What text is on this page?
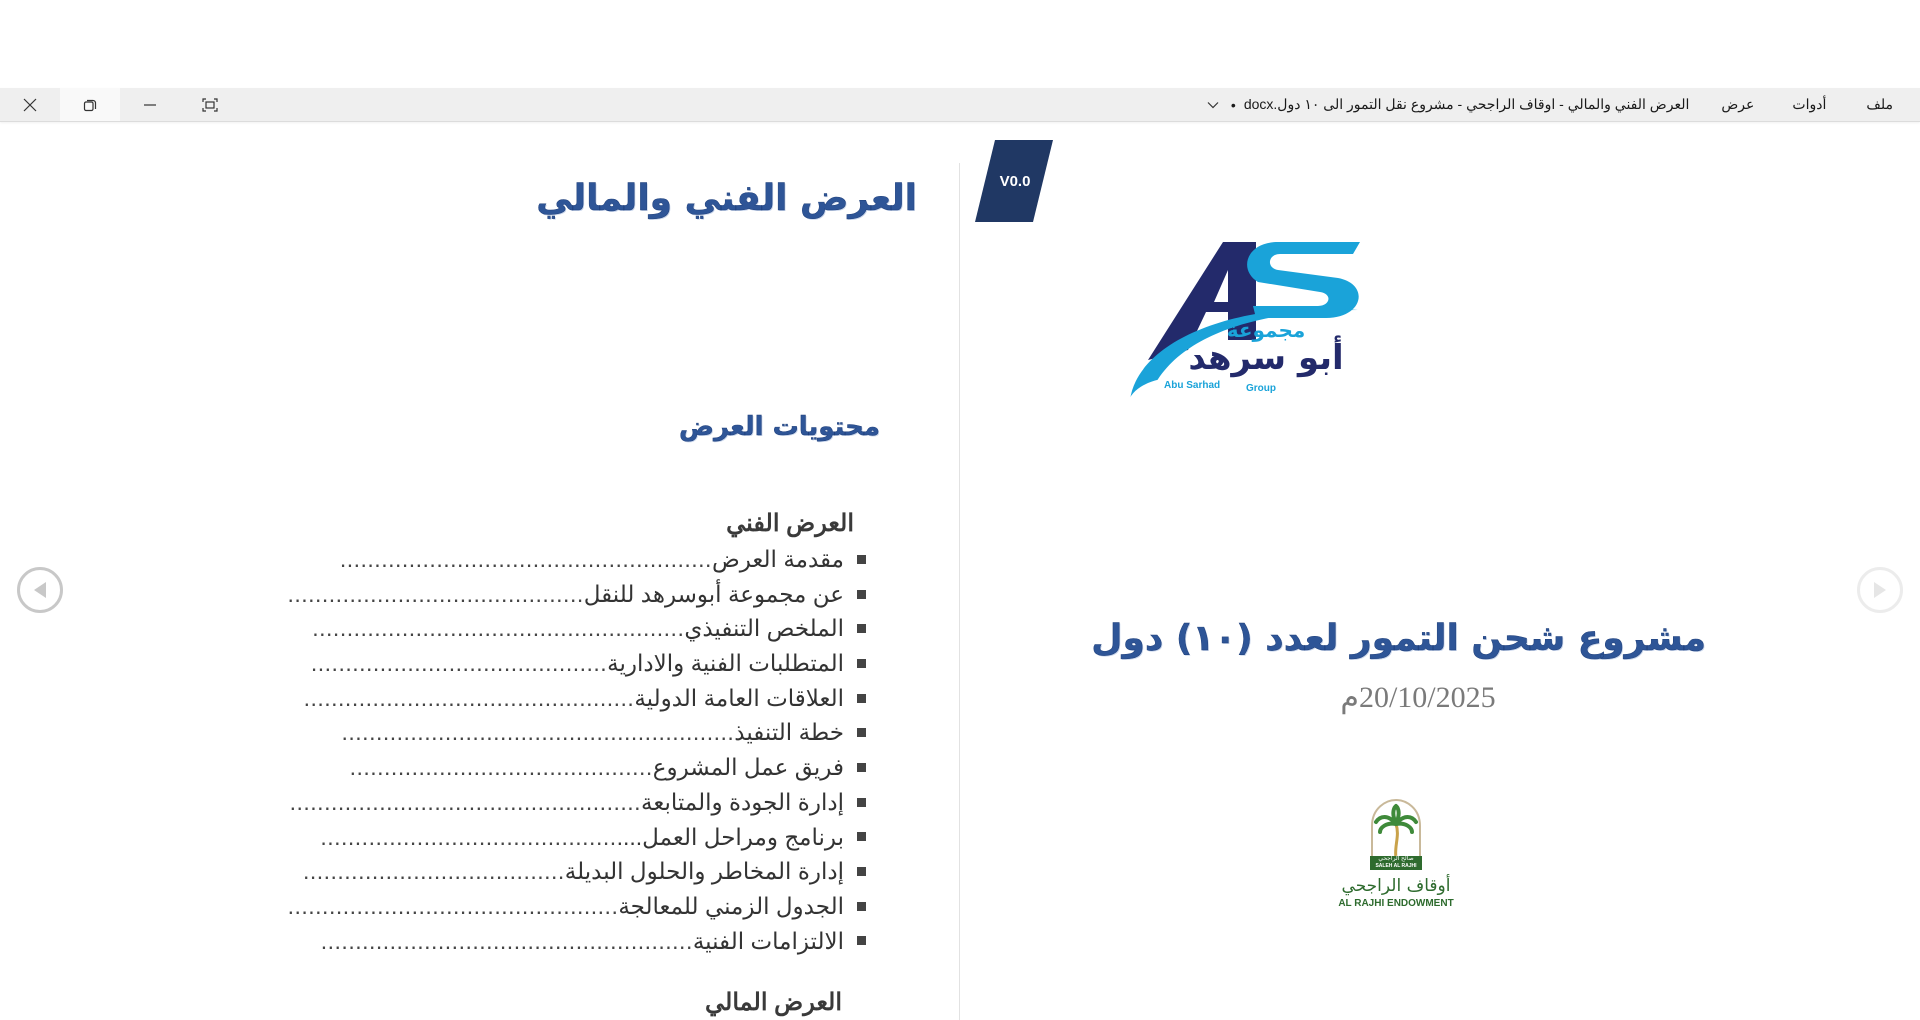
ملف
أدوات
عرض
العرض الفني والمالي - اوقاف الراجحي - مشروع نقل التمور الى ١٠ دول.docx
•
V0.0
مجموعة
أبو سرهد
Abu Sarhad	Group
مشروع شحن التمور لعدد (١٠) دول
20/10/2025م
صالح الراجحي
SALEH AL RAJHI
أوقاف الراجحي
AL RAJHI ENDOWMENT
العرض الفني والمالي
محتويات العرض
العرض الفني
مقدمة العرض
......................................................
عن مجموعة أبوسرهد للنقل
...........................................
الملخص التنفيذي
......................................................
المتطلبات الفنية والادارية
...........................................
العلاقات العامة الدولية
................................................
خطة التنفيذ
.........................................................
فريق عمل المشروع
............................................
إدارة الجودة والمتابعة
...................................................
برنامج ومراحل العمل....
...........................................
إدارة المخاطر والحلول البديلة
......................................
الجدول الزمني للمعالجة
................................................
الالتزامات الفنية
......................................................
العرض المالي
